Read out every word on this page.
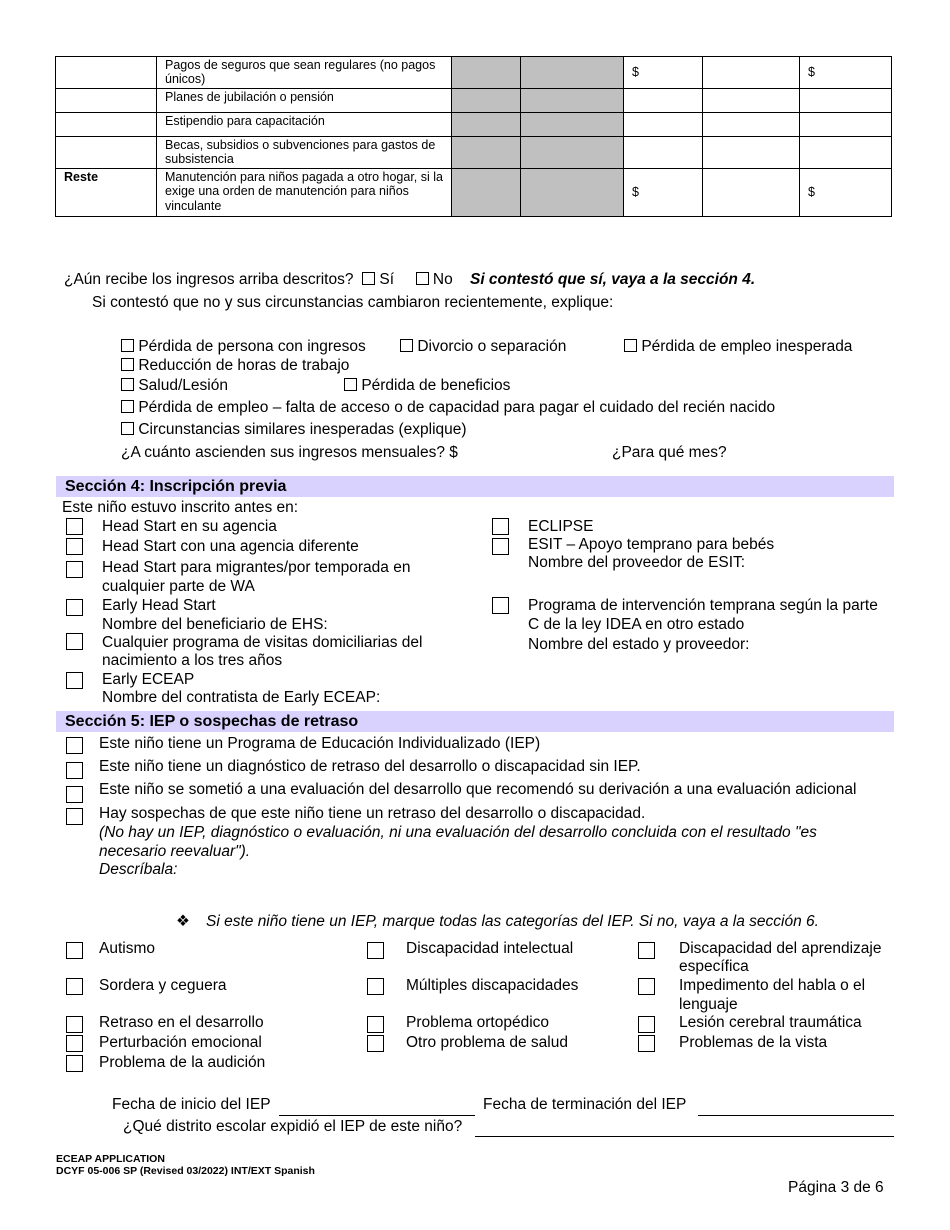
	Pagos de seguros que sean regulares (no pagos únicos)			$		$
	Planes de jubilación o pensión					
	Estipendio para capacitación					
	Becas, subsidios o subvenciones para gastos de subsistencia					
Reste	Manutención para niños pagada a otro hogar, si la exige una orden de manutención para niños vinculante			$		$
¿Aún recibe los ingresos arriba descritos? Sí	No Si contestó que sí, vaya a la sección 4.
Si contestó que no y sus circunstancias cambiaron recientemente, explique:
Pérdida de persona con ingresos	Divorcio o separación	Pérdida de empleo inesperada
Reducción de horas de trabajo
Salud/Lesión	Pérdida de beneficios
Pérdida de empleo – falta de acceso o de capacidad para pagar el cuidado del recién nacido
Circunstancias similares inesperadas (explique)
¿A cuánto ascienden sus ingresos mensuales? $	¿Para qué mes?
Sección 4: Inscripción previa
Este niño estuvo inscrito antes en:
Head Start en su agencia
Head Start con una agencia diferente
Head Start para migrantes/por temporada en
cualquier parte de WA
Early Head Start
Nombre del beneficiario de EHS:
Cualquier programa de visitas domiciliarias del
nacimiento a los tres años
Early ECEAP
Nombre del contratista de Early ECEAP:
ECLIPSE
ESIT – Apoyo temprano para bebés
Nombre del proveedor de ESIT:
Programa de intervención temprana según la parte
C de la ley IDEA en otro estado
Nombre del estado y proveedor:
Sección 5: IEP o sospechas de retraso
Este niño tiene un Programa de Educación Individualizado (IEP)
Este niño tiene un diagnóstico de retraso del desarrollo o discapacidad sin IEP.
Este niño se sometió a una evaluación del desarrollo que recomendó su derivación a una evaluación adicional
Hay sospechas de que este niño tiene un retraso del desarrollo o discapacidad.
(No hay un IEP, diagnóstico o evaluación, ni una evaluación del desarrollo concluida con el resultado "es
necesario reevaluar").
Descríbala:
❖ Si este niño tiene un IEP, marque todas las categorías del IEP. Si no, vaya a la sección 6.
Autismo	Discapacidad intelectual	Discapacidad del aprendizaje
específica
Sordera y ceguera	Múltiples discapacidades	Impedimento del habla o el
lenguaje
Retraso en el desarrollo	Problema ortopédico	Lesión cerebral traumática
Perturbación emocional	Otro problema de salud	Problemas de la vista
Problema de la audición
Fecha de inicio del IEP	Fecha de terminación del IEP
¿Qué distrito escolar expidió el IEP de este niño?
ECEAP APPLICATION
DCYF 05-006 SP (Revised 03/2022) INT/EXT Spanish
Página 3 de 6
